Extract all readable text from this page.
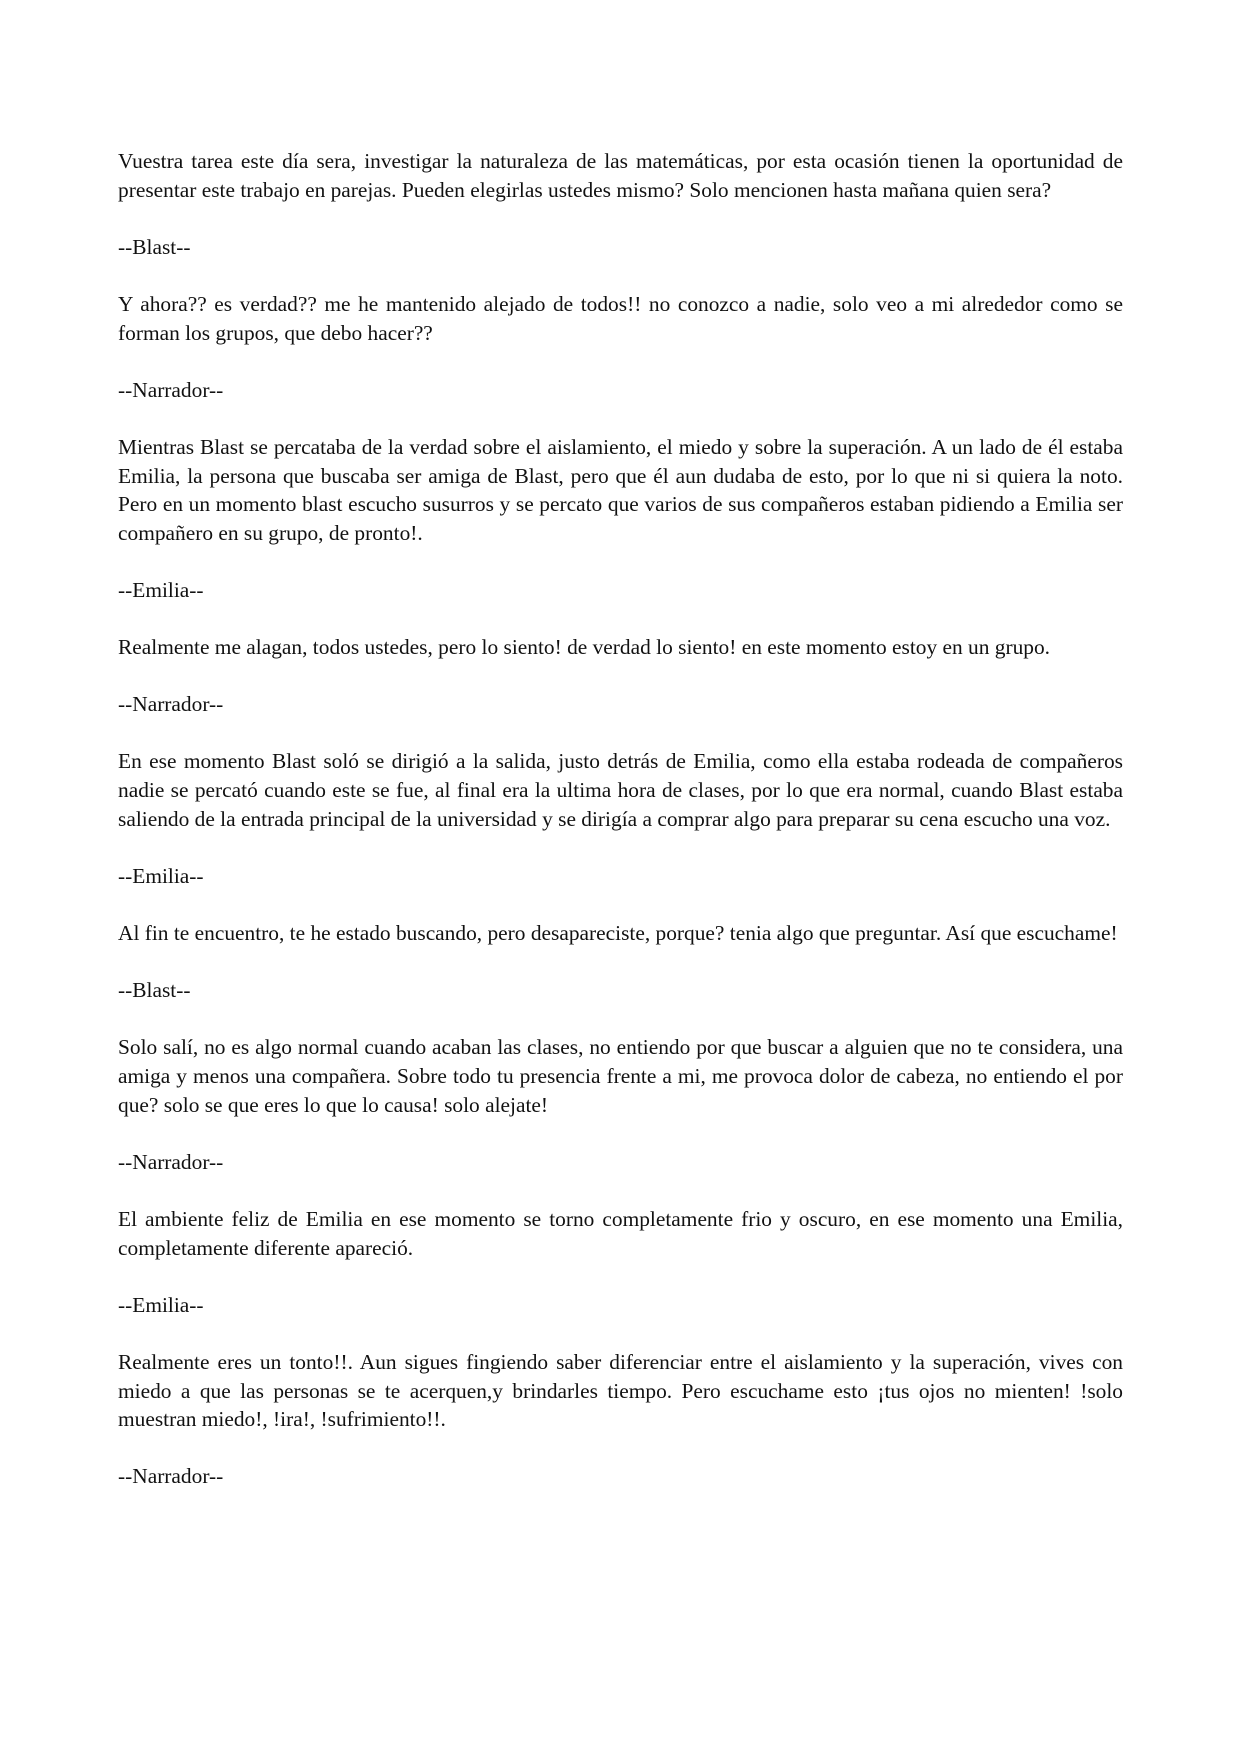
Vuestra tarea este día sera, investigar la naturaleza de las matemáticas, por esta ocasión tienen la oportunidad de presentar este trabajo en parejas. Pueden elegirlas ustedes mismo? Solo mencionen hasta mañana quien sera?

--Blast--

Y ahora?? es verdad?? me he mantenido alejado de todos!! no conozco a nadie, solo veo a mi alrededor como se forman los grupos, que debo hacer??

--Narrador--

Mientras Blast se percataba de la verdad sobre el aislamiento, el miedo y sobre la superación. A un lado de él estaba Emilia, la persona que buscaba ser amiga de Blast, pero que él aun dudaba de esto, por lo que ni si quiera la noto. Pero en un momento blast escucho susurros y se percato que varios de sus compañeros estaban pidiendo a Emilia ser compañero en su grupo, de pronto!.

--Emilia--

Realmente me alagan, todos ustedes, pero lo siento! de verdad lo siento! en este momento estoy en un grupo.

--Narrador--

En ese momento Blast soló se dirigió a la salida, justo detrás de Emilia, como ella estaba rodeada de compañeros nadie se percató cuando este se fue, al final era la ultima hora de clases, por lo que era normal, cuando Blast estaba saliendo de la entrada principal de la universidad y se dirigía a comprar algo para preparar su cena escucho una voz.

--Emilia--

Al fin te encuentro, te he estado buscando, pero desapareciste, porque? tenia algo que preguntar. Así que escuchame!

--Blast--

Solo salí, no es algo normal cuando acaban las clases, no entiendo por que buscar a alguien que no te considera, una amiga y menos una compañera. Sobre todo tu presencia frente a mi, me provoca dolor de cabeza, no entiendo el por que? solo se que eres lo que lo causa! solo alejate!

--Narrador--

El ambiente feliz de Emilia en ese momento se torno completamente frio y oscuro, en ese momento una Emilia, completamente diferente apareció.

--Emilia--

Realmente eres un tonto!!. Aun sigues fingiendo saber diferenciar entre el aislamiento y la superación, vives con miedo a que las personas se te acerquen,y brindarles tiempo. Pero escuchame esto ¡tus ojos no mienten! !solo muestran miedo!, !ira!, !sufrimiento!!.

--Narrador--
